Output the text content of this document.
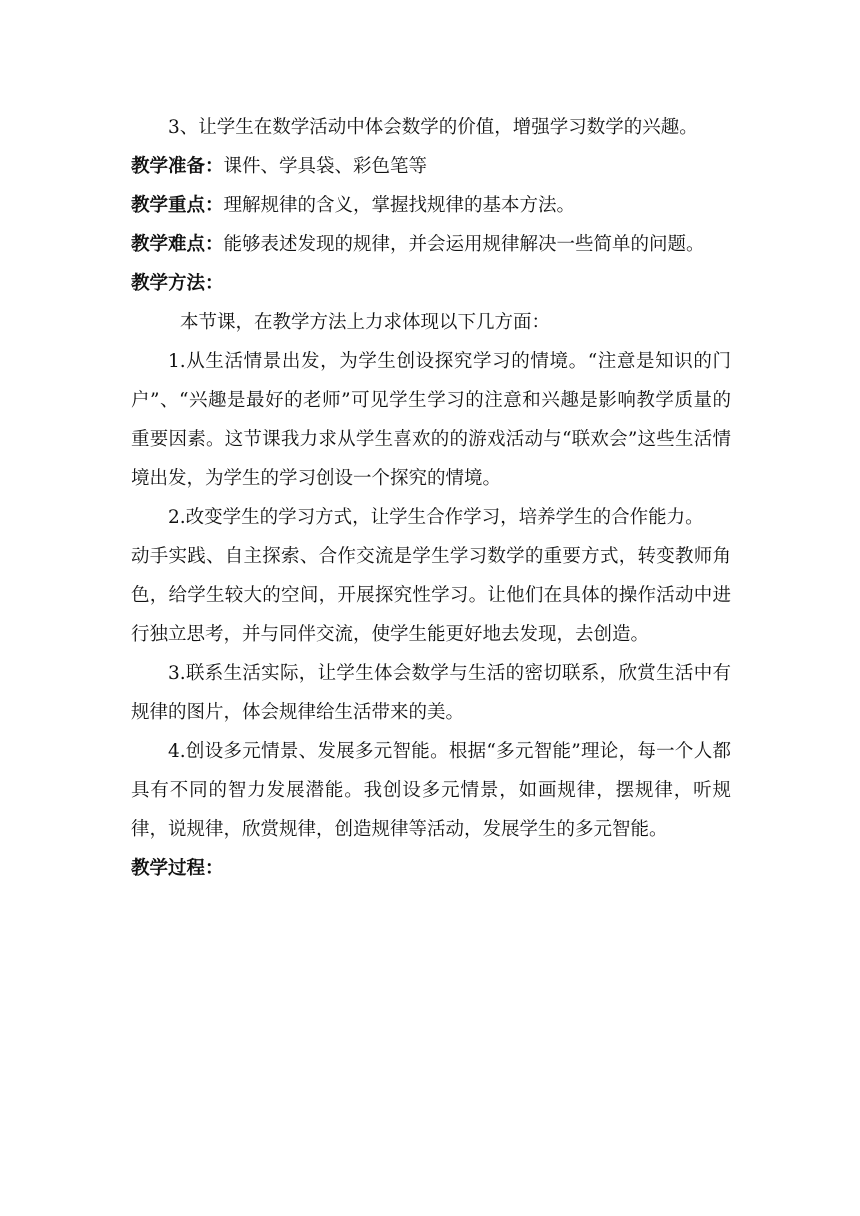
3、让学生在数学活动中体会数学的价值，增强学习数学的兴趣。

教学准备：课件、学具袋、彩色笔等

教学重点：理解规律的含义，掌握找规律的基本方法。

教学难点：能够表述发现的规律，并会运用规律解决一些简单的问题。

教学方法：

本节课，在教学方法上力求体现以下几方面：

1.从生活情景出发，为学生创设探究学习的情境。“注意是知识的门户”、“兴趣是最好的老师”可见学生学习的注意和兴趣是影响教学质量的重要因素。这节课我力求从学生喜欢的的游戏活动与“联欢会”这些生活情境出发，为学生的学习创设一个探究的情境。

2.改变学生的学习方式，让学生合作学习，培养学生的合作能力。

动手实践、自主探索、合作交流是学生学习数学的重要方式，转变教师角色，给学生较大的空间，开展探究性学习。让他们在具体的操作活动中进行独立思考，并与同伴交流，使学生能更好地去发现，去创造。

3.联系生活实际，让学生体会数学与生活的密切联系，欣赏生活中有规律的图片，体会规律给生活带来的美。

4.创设多元情景、发展多元智能。根据“多元智能”理论，每一个人都具有不同的智力发展潜能。我创设多元情景，如画规律，摆规律，听规律，说规律，欣赏规律，创造规律等活动，发展学生的多元智能。

教学过程：
